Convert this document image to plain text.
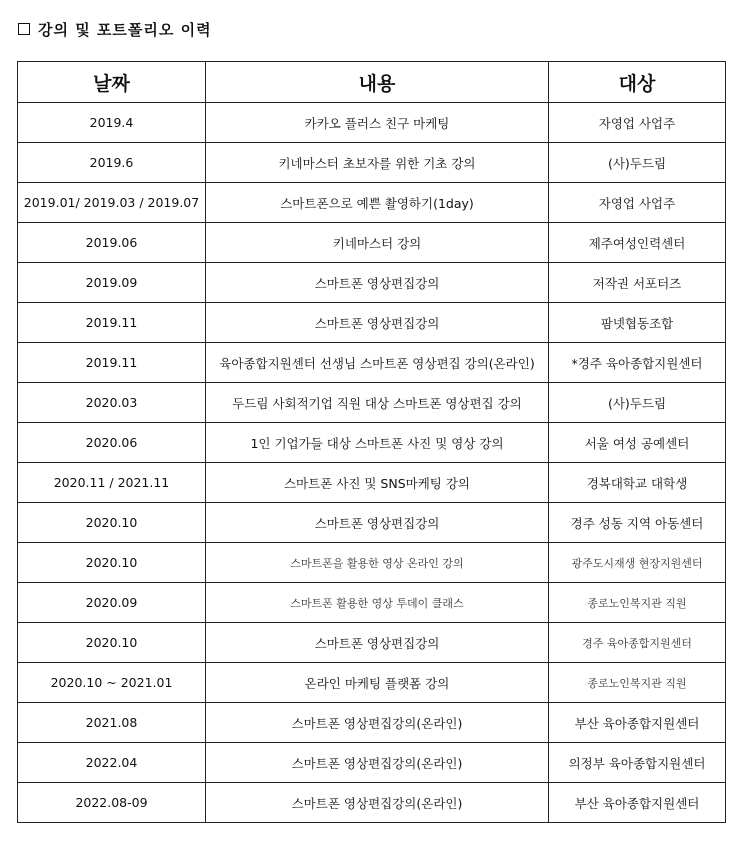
강의 및 포트폴리오 이력
날짜	내용	대상
2019.4	카카오 플러스 친구 마케팅	자영업 사업주
2019.6	키네마스터 초보자를 위한 기초 강의	(사)두드림
2019.01/ 2019.03 / 2019.07	스마트폰으로 예쁜 촬영하기(1day)	자영업 사업주
2019.06	키네마스터 강의	제주여성인력센터
2019.09	스마트폰 영상편집강의	저작권 서포터즈
2019.11	스마트폰 영상편집강의	팜넷협동조합
2019.11	육아종합지원센터 선생님 스마트폰 영상편집 강의(온라인)	*경주 육아종합지원센터
2020.03	두드림 사회적기업 직원 대상 스마트폰 영상편집 강의	(사)두드림
2020.06	1인 기업가들 대상 스마트폰 사진 및 영상 강의	서울 여성 공예센터
2020.11 / 2021.11	스마트폰 사진 및 SNS마케팅 강의	경복대학교 대학생
2020.10	스마트폰 영상편집강의	경주 성동 지역 아동센터
2020.10	스마트폰을 활용한 영상 온라인 강의	광주도시재생 현장지원센터
2020.09	스마트폰 활용한 영상 투데이 클래스	종로노인복지관 직원
2020.10	스마트폰 영상편집강의	경주 육아종합지원센터
2020.10 ~ 2021.01	온라인 마케팅 플랫폼 강의	종로노인복지관 직원
2021.08	스마트폰 영상편집강의(온라인)	부산 육아종합지원센터
2022.04	스마트폰 영상편집강의(온라인)	의정부 육아종합지원센터
2022.08-09	스마트폰 영상편집강의(온라인)	부산 육아종합지원센터
